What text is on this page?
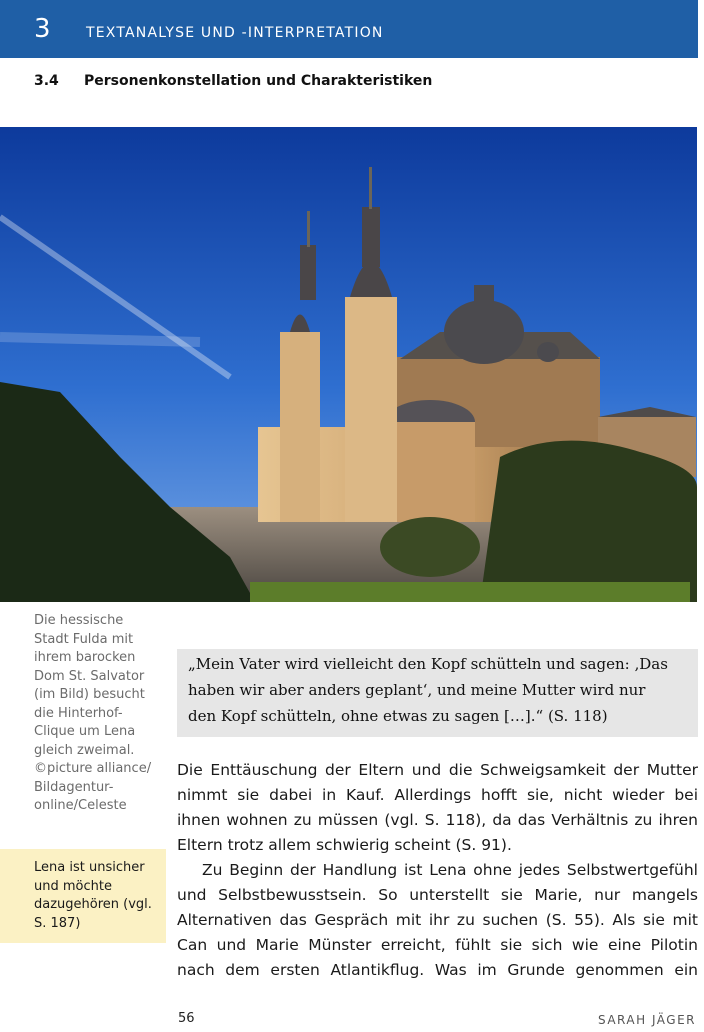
3	TEXTANALYSE UND -INTERPRETATION
3.4 Personenkonstellation und Charakteristiken
Die hessische
Stadt Fulda mit
ihrem barocken
Dom St. Salvator
(im Bild) besucht
die Hinterhof-
Clique um Lena
gleich zweimal.
©picture alliance/
Bildagentur-
online/Celeste
Lena ist unsicher
und möchte
dazugehören (vgl.
S. 187)
„Mein Vater wird vielleicht den Kopf schütteln und sagen: ‚Das
haben wir aber anders geplant‘, und meine Mutter wird nur
den Kopf schütteln, ohne etwas zu sagen […].“ (S. 118)
Die Enttäuschung der Eltern und die Schweigsamkeit der Mutter
nimmt sie dabei in Kauf. Allerdings hofft sie, nicht wieder bei
ihnen wohnen zu müssen (vgl. S. 118), da das Verhältnis zu ihren
Eltern trotz allem schwierig scheint (S. 91).
Zu Beginn der Handlung ist Lena ohne jedes Selbstwertgefühl
und Selbstbewusstsein. So unterstellt sie Marie, nur mangels
Alternativen das Gespräch mit ihr zu suchen (S. 55). Als sie mit
Can und Marie Münster erreicht, fühlt sie sich wie eine Pilotin
nach dem ersten Atlantikflug. Was im Grunde genommen ein
56	SARAH JÄGER
